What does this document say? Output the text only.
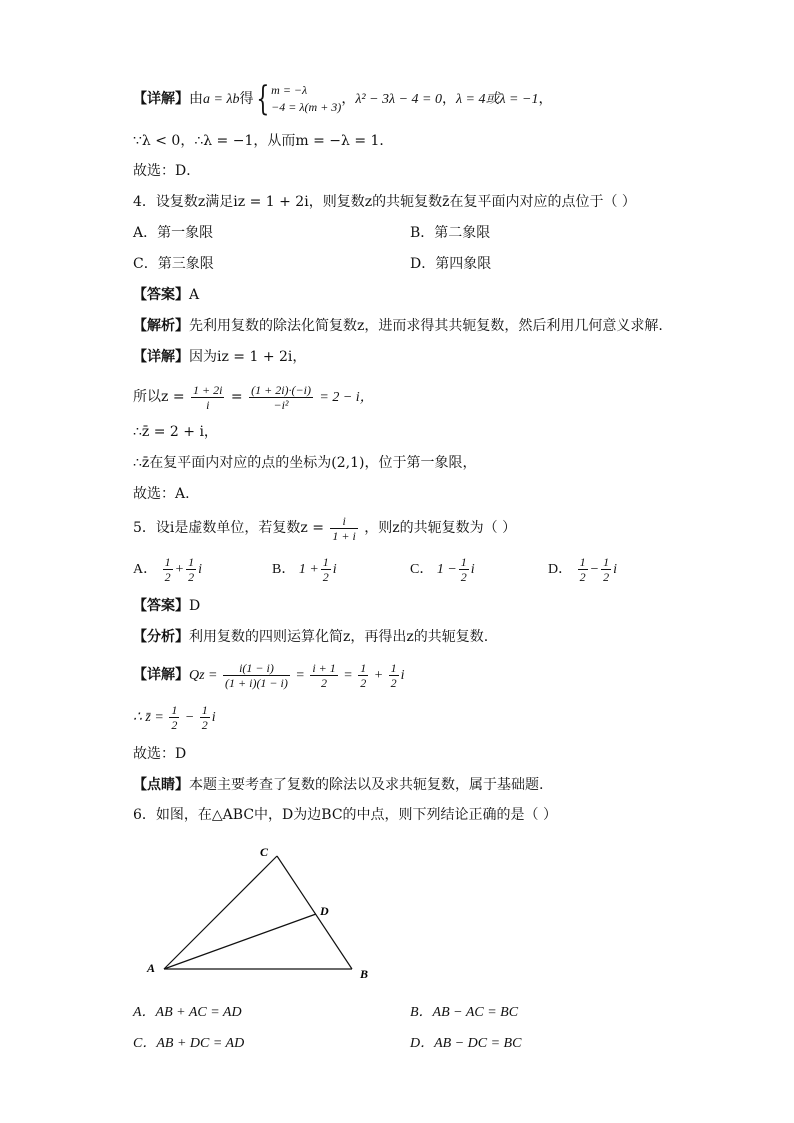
【详解】由a = λb得{ m = −λ
−4 = λ(m + 3) ，λ² − 3λ − 4 = 0，λ = 4或λ = −1，
∵λ < 0，∴λ = −1，从而m = −λ = 1．
故选：D．
4．设复数z满足iz = 1 + 2i，则复数z的共轭复数z̄在复平面内对应的点位于（ ）
A．第一象限	B．第二象限
C．第三象限	D．第四象限
【答案】A
【解析】先利用复数的除法化简复数z，进而求得其共轭复数，然后利用几何意义求解.
【详解】因为iz = 1 + 2i，
所以$z = \frac{1 + 2i}{i} = \frac{(1 + 2i)\cdot(-i)}{\text{−i²}} = 2 - i$，
∴z̄ = 2 + i，
∴z̄在复平面内对应的点的坐标为(2,1)，位于第一象限，
故选：A.
5．设i是虚数单位，若复数$z = \frac{i}{1 + i}$ ，则z的共轭复数为（ ）
A． $\frac{1}{2} + \frac{1}{2}$ i	B． $1 + \frac{1}{2}$ i	C． $1 - \frac{1}{2}$ i	D． $\frac{1}{2} - \frac{1}{2}$ i
【答案】D
【分析】利用复数的四则运算化简z，再得出z的共轭复数.
【详解】$Qz = \frac{i(1 - i)}{(1 + i)(1 - i)} = \frac{i + 1}{2} = \frac{1}{2} + \frac{1}{2}$ i
∴ z̄ = $\frac{1}{2} - \frac{1}{2}$ i
故选：D
【点睛】本题主要考查了复数的除法以及求共轭复数，属于基础题.
6．如图，在△ABC中，D为边BC的中点，则下列结论正确的是（ ）
C
D
A	B
A．AB + AC = AD	B．AB − AC = BC
C．AB + DC = AD	D．AB − DC = BC
